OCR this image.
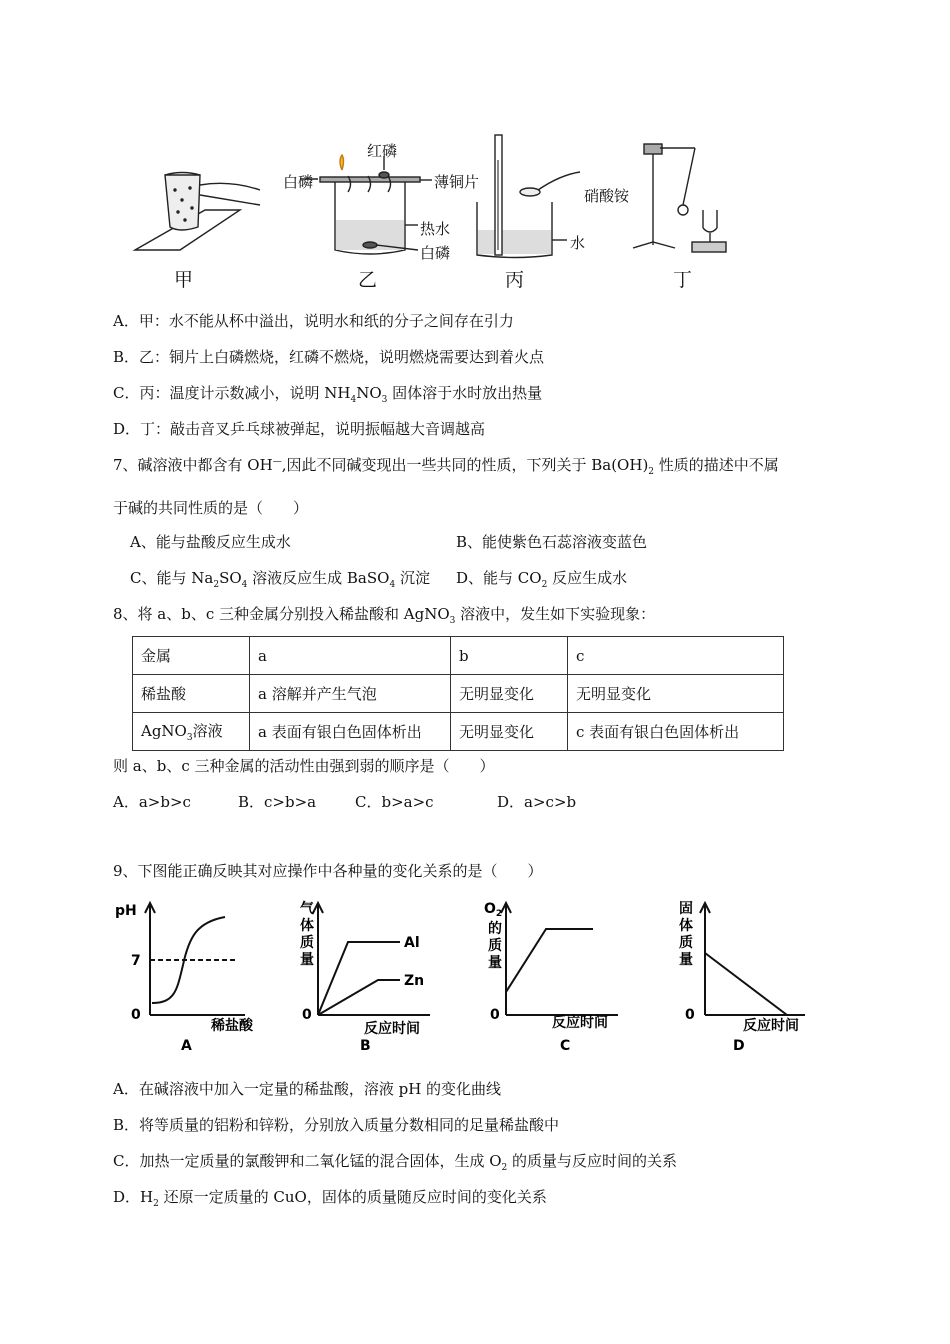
红磷
白磷	薄铜片
热水
白磷
硝酸铵
水
甲	乙	丙	丁
A．甲：水不能从杯中溢出，说明水和纸的分子之间存在引力
B．乙：铜片上白磷燃烧，红磷不燃烧，说明燃烧需要达到着火点
C．丙：温度计示数减小，说明 $NH_4NO_3$ 固体溶于水时放出热量
D．丁：敲击音叉乒乓球被弹起，说明振幅越大音调越高
7、碱溶液中都含有 OH—,因此不同碱变现出一些共同的性质，下列关于 $Ba(OH)_2$ 性质的描述中不属
于碱的共同性质的是（　　）
A、能与盐酸反应生成水	B、能使紫色石蕊溶液变蓝色
C、能与 $Na_2SO_4$ 溶液反应生成 BaSO$_4$ 沉淀 D、能与 $CO_2$ 反应生成水
8、将 a、b、c 三种金属分别投入稀盐酸和 AgNO$_3$ 溶液中，发生如下实验现象：
金属	a	b	c
稀盐酸	a 溶解并产生气泡	无明显变化	无明显变化
AgNO$_3$溶液	a 表面有银白色固体析出	无明显变化	c 表面有银白色固体析出
则 a、b、c 三种金属的活动性由强到弱的顺序是（　　）
A．a>b>c	B．c>b>a	C．b>a>c	D．a>c>b
9、下图能正确反映其对应操作中各种量的变化关系的是（　　）
pH
7
0
稀盐酸
A
气
体
质
量
0
Al
Zn
反应时间
B
$O_2$
的
质
量
0	反应时间
C
固
体
质
量
0
反应时间
D
A．在碱溶液中加入一定量的稀盐酸，溶液 pH 的变化曲线
B．将等质量的铝粉和锌粉，分别放入质量分数相同的足量稀盐酸中
C．加热一定质量的氯酸钾和二氧化锰的混合固体，生成 $O_2$ 的质量与反应时间的关系
D．$H_2$ 还原一定质量的 CuO，固体的质量随反应时间的变化关系
